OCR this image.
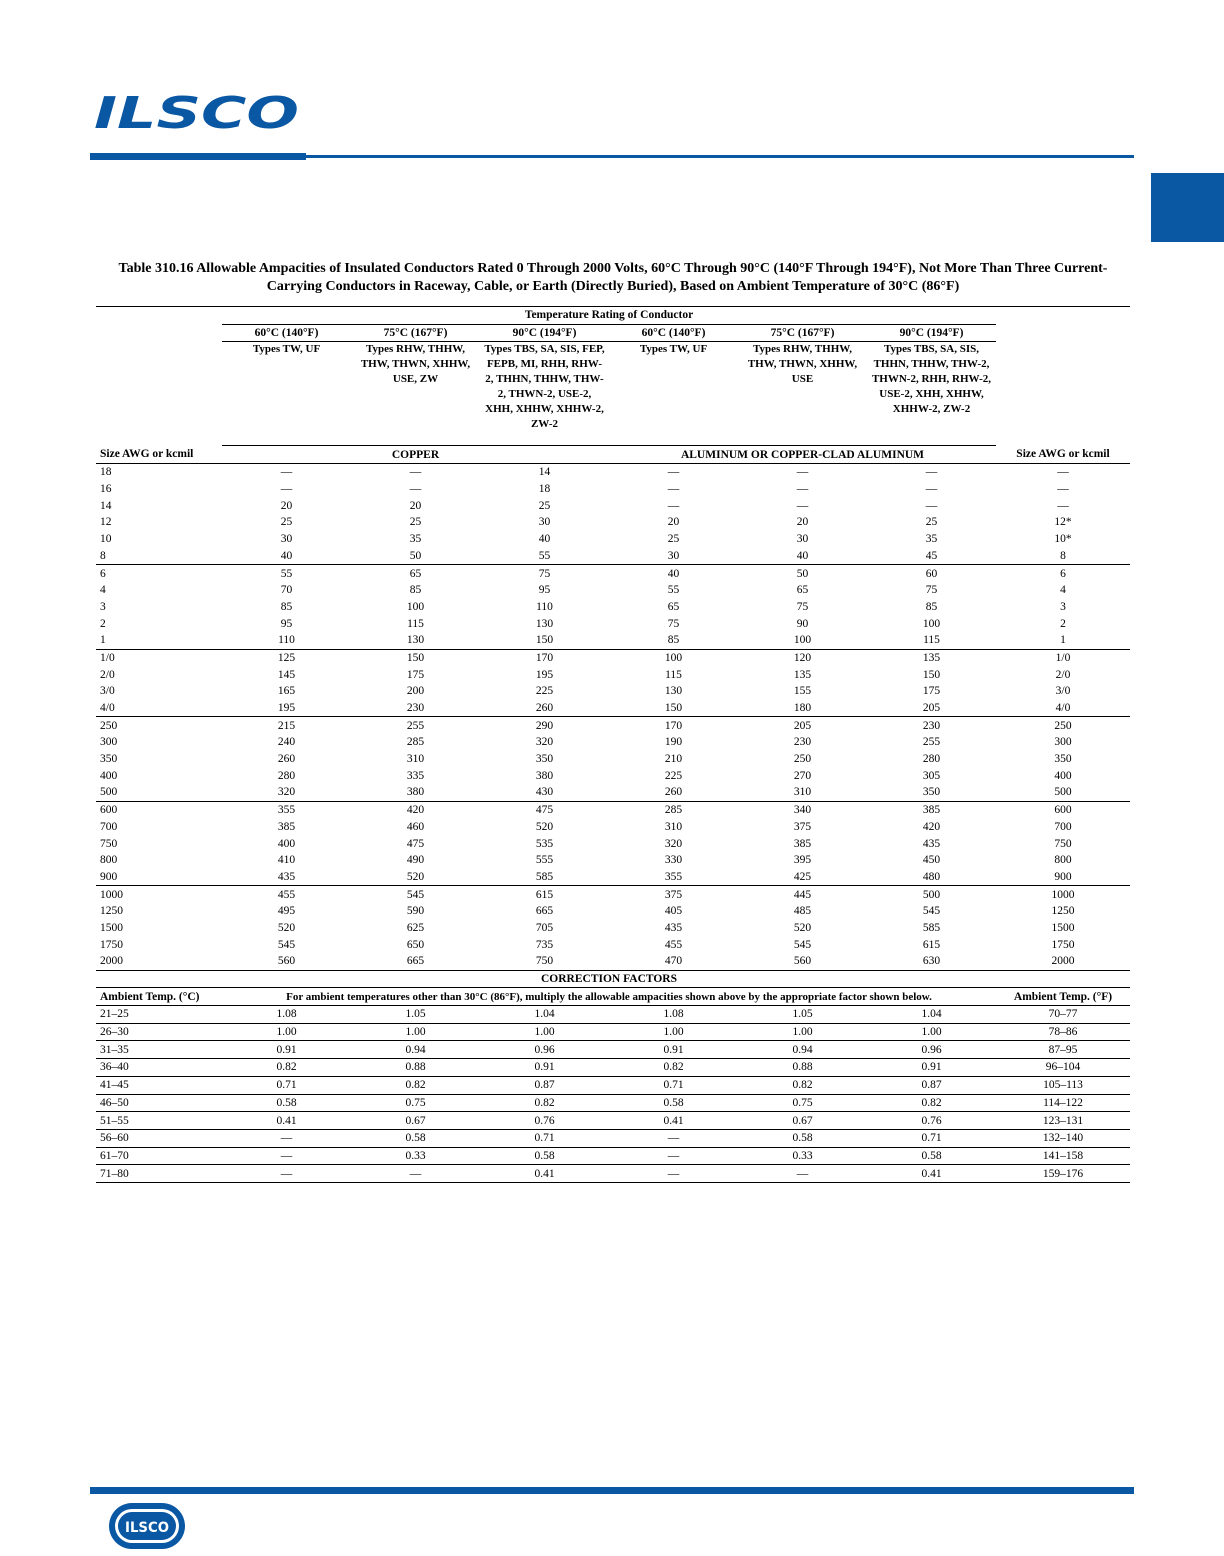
ILSCO
Table 310.16 Allowable Ampacities of Insulated Conductors Rated 0 Through 2000 Volts, 60°C Through 90°C (140°F Through 194°F), Not More Than Three Current-Carrying Conductors in Raceway, Cable, or Earth (Directly Buried), Based on Ambient Temperature of 30°C (86°F)
	Temperature Rating of Conductor						
	60°C (140°F)	75°C (167°F)	90°C (194°F)	60°C (140°F)	75°C (167°F)	90°C (194°F)	
	Types TW, UF	Types RHW, THHW, THW, THWN, XHHW, USE, ZW	Types TBS, SA, SIS, FEP, FEPB, MI, RHH, RHW-2, THHN, THHW, THW-2, THWN-2, USE-2, XHH, XHHW, XHHW-2, ZW-2	Types TW, UF	Types RHW, THHW, THW, THWN, XHHW, USE	Types TBS, SA, SIS, THHN, THHW, THW-2, THWN-2, RHH, RHW-2, USE-2, XHH, XHHW, XHHW-2, ZW-2	
Size AWG or kcmil	COPPER			ALUMINUM OR COPPER-CLAD ALUMINUM			Size AWG or kcmil
18	—	—	14	—	—	—	—
16	—	—	18	—	—	—	—
14	20	20	25	—	—	—	—
12	25	25	30	20	20	25	12*
10	30	35	40	25	30	35	10*
8	40	50	55	30	40	45	8
6	55	65	75	40	50	60	6
4	70	85	95	55	65	75	4
3	85	100	110	65	75	85	3
2	95	115	130	75	90	100	2
1	110	130	150	85	100	115	1
1/0	125	150	170	100	120	135	1/0
2/0	145	175	195	115	135	150	2/0
3/0	165	200	225	130	155	175	3/0
4/0	195	230	260	150	180	205	4/0
250	215	255	290	170	205	230	250
300	240	285	320	190	230	255	300
350	260	310	350	210	250	280	350
400	280	335	380	225	270	305	400
500	320	380	430	260	310	350	500
600	355	420	475	285	340	385	600
700	385	460	520	310	375	420	700
750	400	475	535	320	385	435	750
800	410	490	555	330	395	450	800
900	435	520	585	355	425	480	900
1000	455	545	615	375	445	500	1000
1250	495	590	665	405	485	545	1250
1500	520	625	705	435	520	585	1500
1750	545	650	735	455	545	615	1750
2000	560	665	750	470	560	630	2000
	CORRECTION FACTORS						
Ambient Temp. (°C)	For ambient temperatures other than 30°C (86°F), multiply the allowable ampacities shown above by the appropriate factor shown below.						Ambient Temp. (°F)
21–25	1.08	1.05	1.04	1.08	1.05	1.04	70–77
26–30	1.00	1.00	1.00	1.00	1.00	1.00	78–86
31–35	0.91	0.94	0.96	0.91	0.94	0.96	87–95
36–40	0.82	0.88	0.91	0.82	0.88	0.91	96–104
41–45	0.71	0.82	0.87	0.71	0.82	0.87	105–113
46–50	0.58	0.75	0.82	0.58	0.75	0.82	114–122
51–55	0.41	0.67	0.76	0.41	0.67	0.76	123–131
56–60	—	0.58	0.71	—	0.58	0.71	132–140
61–70	—	0.33	0.58	—	0.33	0.58	141–158
71–80	—	—	0.41	—	—	0.41	159–176
ILSCO
